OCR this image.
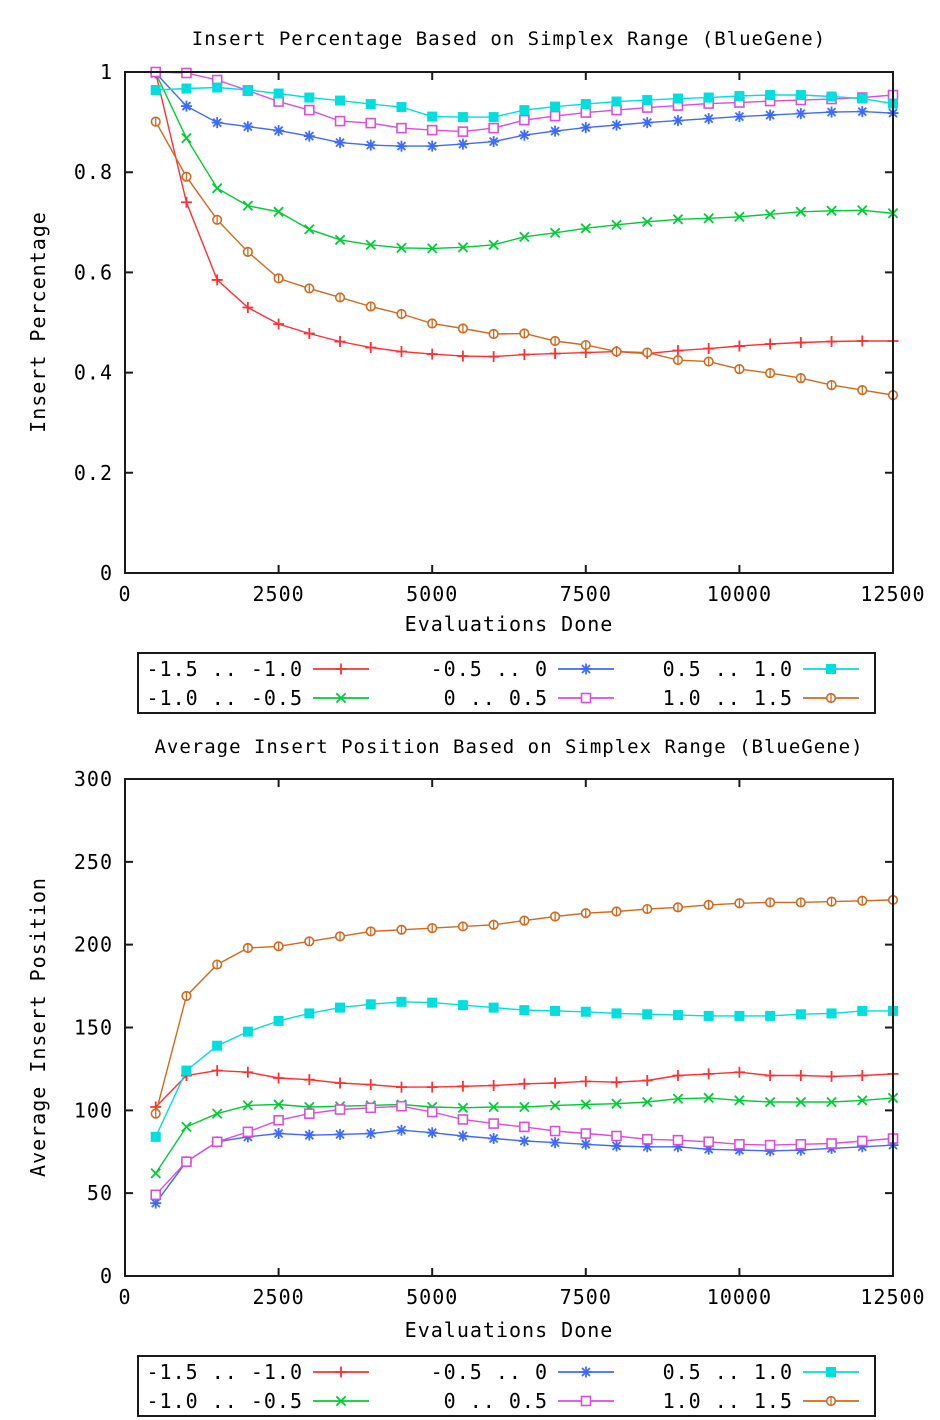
0	2500	5000	7500	10000	12500
0
0.2
0.4
0.6
0.8
1
0	2500	5000	7500	10000	12500
0
50
100
150
200
250
300
Insert Percentage Based on Simplex Range (BlueGene)
Insert Percentage
Evaluations Done
-1.5 .. -1.0	-0.5 .. 0	0.5 .. 1.0
-1.0 .. -0.5	0 .. 0.5	1.0 .. 1.5
Average Insert Position Based on Simplex Range (BlueGene)
Average Insert Position
Evaluations Done
-1.5 .. -1.0	-0.5 .. 0	0.5 .. 1.0
-1.0 .. -0.5	0 .. 0.5	1.0 .. 1.5
